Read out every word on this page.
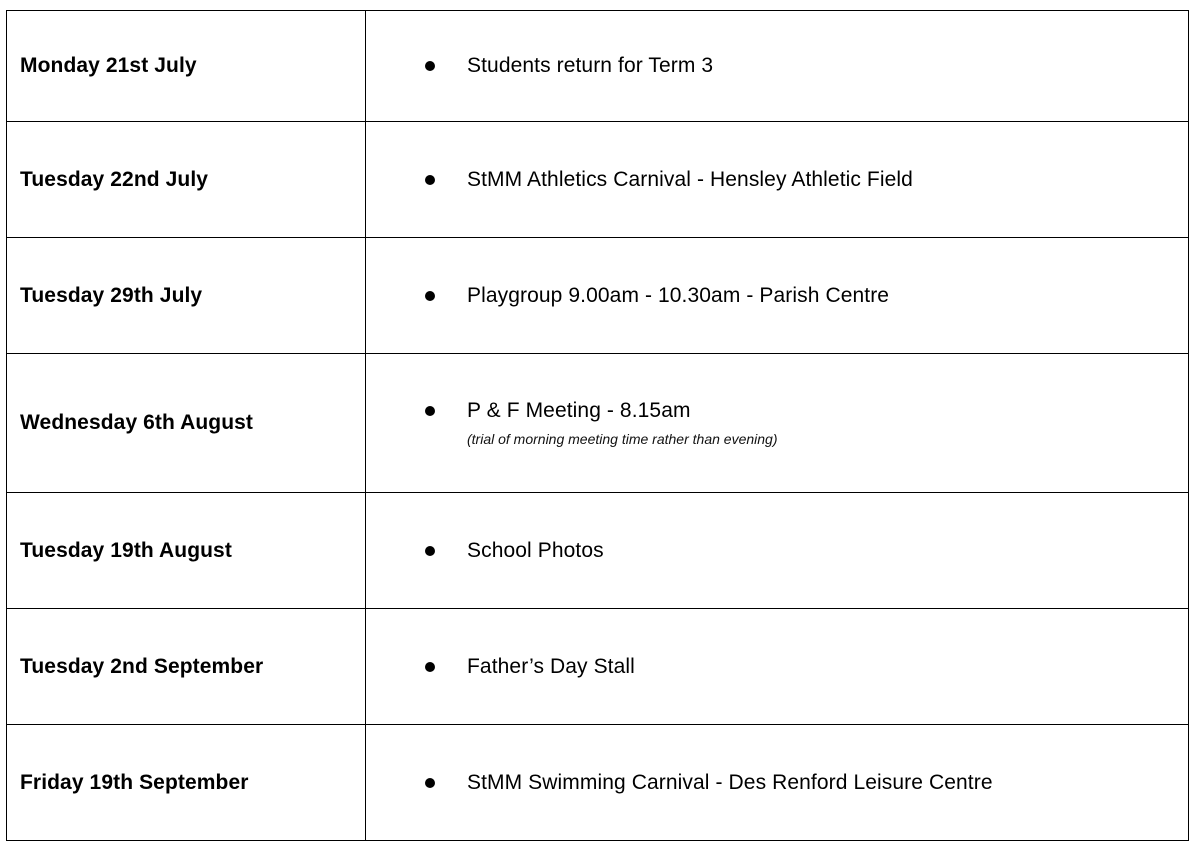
Monday 21st July	Students return for Term 3

Tuesday 22nd July	StMM Athletics Carnival - Hensley Athletic Field

Tuesday 29th July	Playgroup 9.00am - 10.30am - Parish Centre

Wednesday 6th August	P & F Meeting - 8.15am
(trial of morning meeting time rather than evening)

Tuesday 19th August	School Photos

Tuesday 2nd September	Father’s Day Stall

Friday 19th September	StMM Swimming Carnival - Des Renford Leisure Centre
